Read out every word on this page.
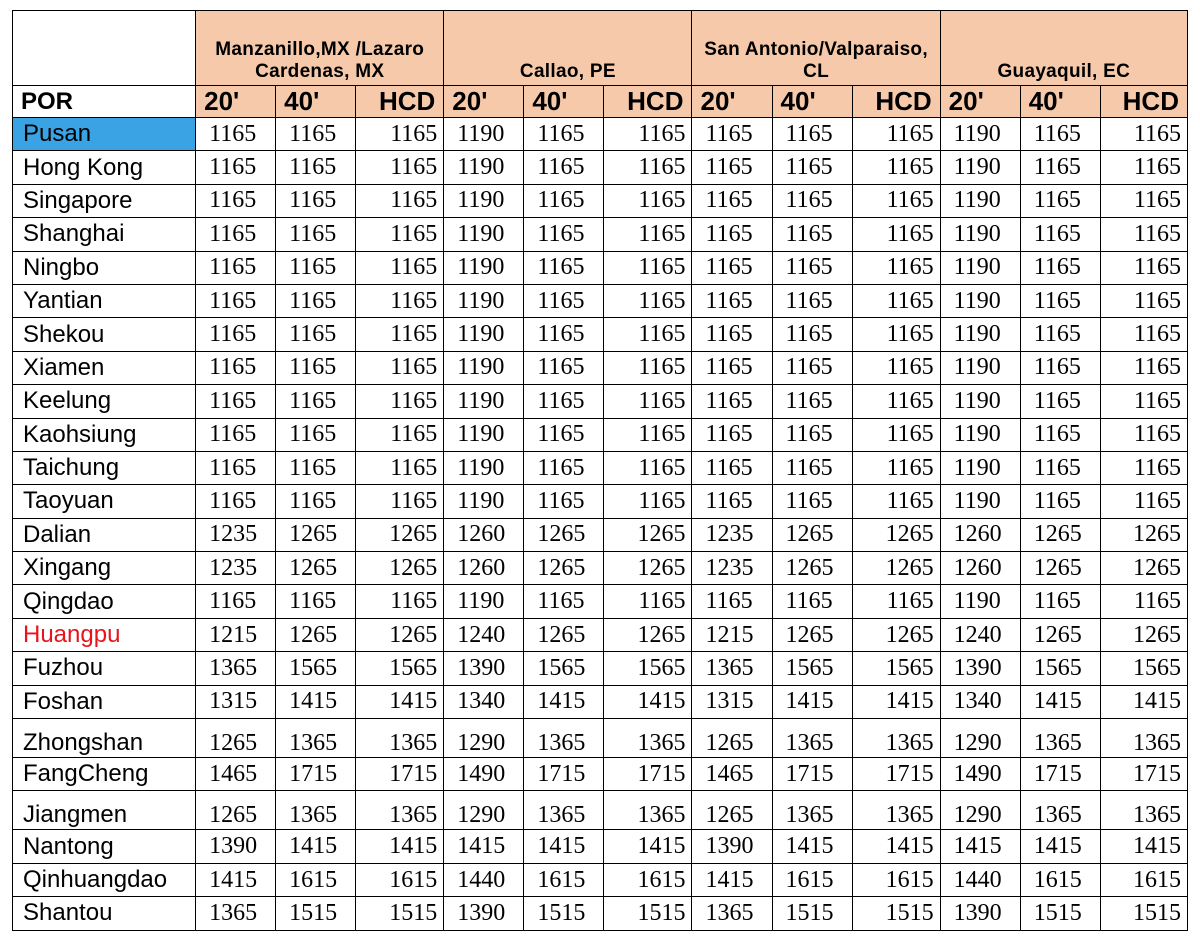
	Manzanillo,MX /Lazaro Cardenas, MX			Callao, PE			San Antonio/Valparaiso, CL			Guayaquil, EC		
POR	20'	40'	HCD	20'	40'	HCD	20'	40'	HCD	20'	40'	HCD
Pusan	1165	1165	1165	1190	1165	1165	1165	1165	1165	1190	1165	1165
Hong Kong	1165	1165	1165	1190	1165	1165	1165	1165	1165	1190	1165	1165
Singapore	1165	1165	1165	1190	1165	1165	1165	1165	1165	1190	1165	1165
Shanghai	1165	1165	1165	1190	1165	1165	1165	1165	1165	1190	1165	1165
Ningbo	1165	1165	1165	1190	1165	1165	1165	1165	1165	1190	1165	1165
Yantian	1165	1165	1165	1190	1165	1165	1165	1165	1165	1190	1165	1165
Shekou	1165	1165	1165	1190	1165	1165	1165	1165	1165	1190	1165	1165
Xiamen	1165	1165	1165	1190	1165	1165	1165	1165	1165	1190	1165	1165
Keelung	1165	1165	1165	1190	1165	1165	1165	1165	1165	1190	1165	1165
Kaohsiung	1165	1165	1165	1190	1165	1165	1165	1165	1165	1190	1165	1165
Taichung	1165	1165	1165	1190	1165	1165	1165	1165	1165	1190	1165	1165
Taoyuan	1165	1165	1165	1190	1165	1165	1165	1165	1165	1190	1165	1165
Dalian	1235	1265	1265	1260	1265	1265	1235	1265	1265	1260	1265	1265
Xingang	1235	1265	1265	1260	1265	1265	1235	1265	1265	1260	1265	1265
Qingdao	1165	1165	1165	1190	1165	1165	1165	1165	1165	1190	1165	1165
Huangpu	1215	1265	1265	1240	1265	1265	1215	1265	1265	1240	1265	1265
Fuzhou	1365	1565	1565	1390	1565	1565	1365	1565	1565	1390	1565	1565
Foshan	1315	1415	1415	1340	1415	1415	1315	1415	1415	1340	1415	1415
Zhongshan	1265	1365	1365	1290	1365	1365	1265	1365	1365	1290	1365	1365
FangCheng	1465	1715	1715	1490	1715	1715	1465	1715	1715	1490	1715	1715
Jiangmen	1265	1365	1365	1290	1365	1365	1265	1365	1365	1290	1365	1365
Nantong	1390	1415	1415	1415	1415	1415	1390	1415	1415	1415	1415	1415
Qinhuangdao	1415	1615	1615	1440	1615	1615	1415	1615	1615	1440	1615	1615
Shantou	1365	1515	1515	1390	1515	1515	1365	1515	1515	1390	1515	1515
